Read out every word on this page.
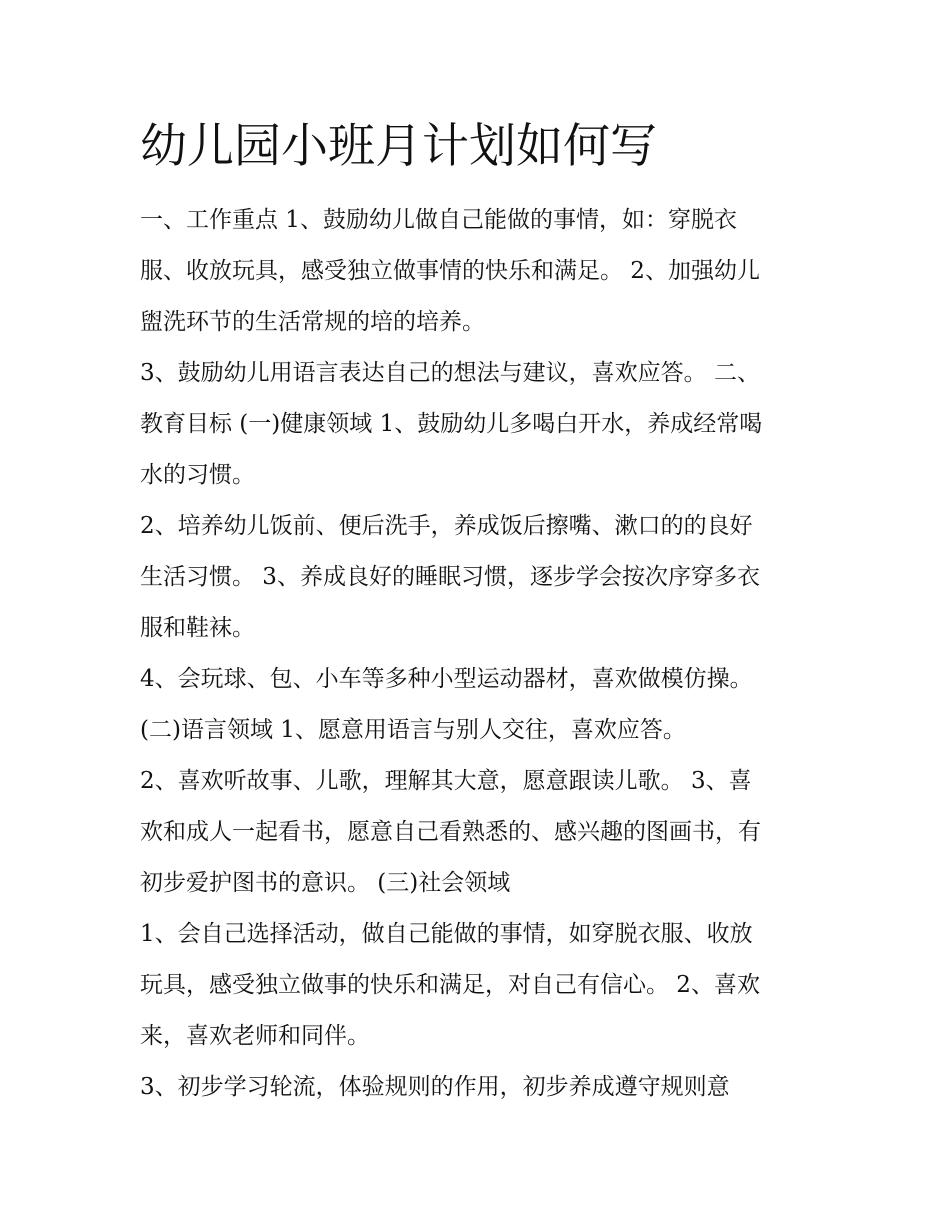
幼儿园小班月计划如何写
一、工作重点 1、鼓励幼儿做自己能做的事情，如：穿脱衣
服、收放玩具，感受独立做事情的快乐和满足。 2、加强幼儿
盥洗环节的生活常规的培的培养。
3、鼓励幼儿用语言表达自己的想法与建议，喜欢应答。 二、
教育目标 (一)健康领域 1、鼓励幼儿多喝白开水，养成经常喝
水的习惯。
2、培养幼儿饭前、便后洗手，养成饭后擦嘴、漱口的的良好
生活习惯。 3、养成良好的睡眠习惯，逐步学会按次序穿多衣
服和鞋袜。
4、会玩球、包、小车等多种小型运动器材，喜欢做模仿操。
(二)语言领域 1、愿意用语言与别人交往，喜欢应答。
2、喜欢听故事、儿歌，理解其大意，愿意跟读儿歌。 3、喜
欢和成人一起看书，愿意自己看熟悉的、感兴趣的图画书，有
初步爱护图书的意识。 (三)社会领域
1、会自己选择活动，做自己能做的事情，如穿脱衣服、收放
玩具，感受独立做事的快乐和满足，对自己有信心。 2、喜欢
来，喜欢老师和同伴。
3、初步学习轮流，体验规则的作用，初步养成遵守规则意
